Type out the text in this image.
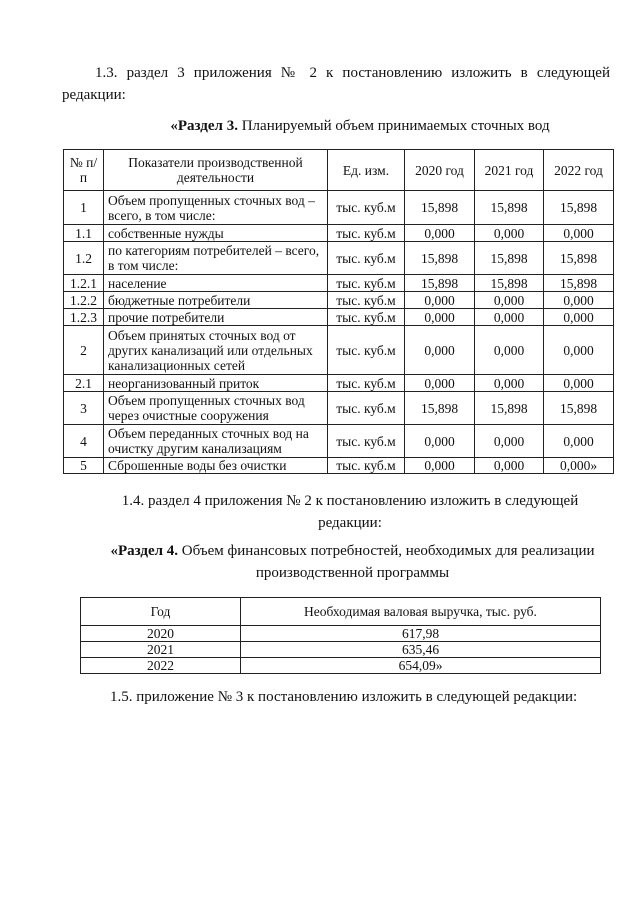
1.3. раздел 3 приложения № 2 к постановлению изложить в следующей
редакции:
«Раздел 3. Планируемый объем принимаемых сточных вод
№ п/п	Показатели производственной деятельности	Ед. изм.	2020 год	2021 год	2022 год
1	Объем пропущенных сточных вод – всего, в том числе:	тыс. куб.м	15,898	15,898	15,898
1.1	собственные нужды	тыс. куб.м	0,000	0,000	0,000
1.2	по категориям потребителей – всего, в том числе:	тыс. куб.м	15,898	15,898	15,898
1.2.1	население	тыс. куб.м	15,898	15,898	15,898
1.2.2	бюджетные потребители	тыс. куб.м	0,000	0,000	0,000
1.2.3	прочие потребители	тыс. куб.м	0,000	0,000	0,000
2	Объем принятых сточных вод от других канализаций или отдельных канализационных сетей	тыс. куб.м	0,000	0,000	0,000
2.1	неорганизованный приток	тыс. куб.м	0,000	0,000	0,000
3	Объем пропущенных сточных вод через очистные сооружения	тыс. куб.м	15,898	15,898	15,898
4	Объем переданных сточных вод на очистку другим канализациям	тыс. куб.м	0,000	0,000	0,000
5	Сброшенные воды без очистки	тыс. куб.м	0,000	0,000	0,000»
1.4. раздел 4 приложения № 2 к постановлению изложить в следующей
редакции:
«Раздел 4. Объем финансовых потребностей, необходимых для реализации
производственной программы
Год	Необходимая валовая выручка, тыс. руб.
2020	617,98
2021	635,46
2022	654,09»
1.5. приложение № 3 к постановлению изложить в следующей редакции:
